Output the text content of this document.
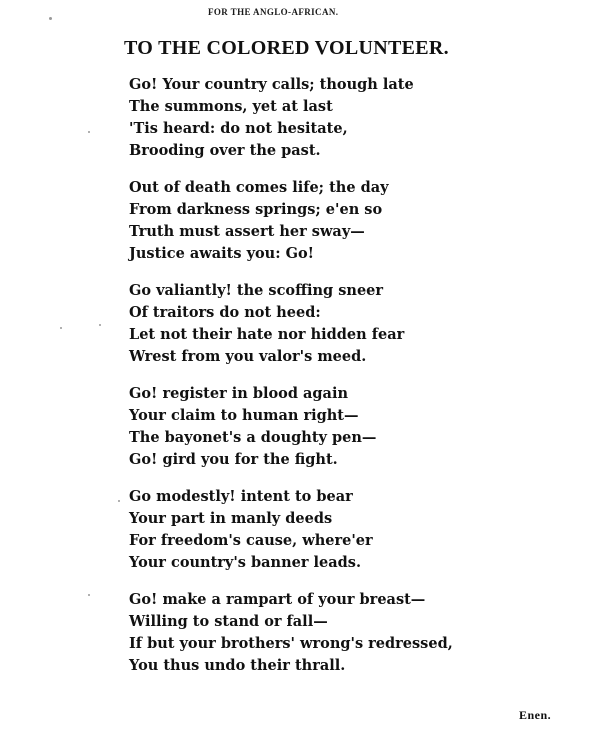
FOR THE ANGLO-AFRICAN.
TO THE COLORED VOLUNTEER.
Go! Your country calls; though late
The summons, yet at last
'Tis heard: do not hesitate,
Brooding over the past.
Out of death comes life; the day
From darkness springs; e'en so
Truth must assert her sway—
Justice awaits you: Go!
Go valiantly! the scoffing sneer
Of traitors do not heed:
Let not their hate nor hidden fear
Wrest from you valor's meed.
Go! register in blood again
Your claim to human right—
The bayonet's a doughty pen—
Go! gird you for the fight.
Go modestly! intent to bear
Your part in manly deeds
For freedom's cause, where'er
Your country's banner leads.
Go! make a rampart of your breast—
Willing to stand or fall—
If but your brothers' wrong's redressed,
You thus undo their thrall.
Enen.
